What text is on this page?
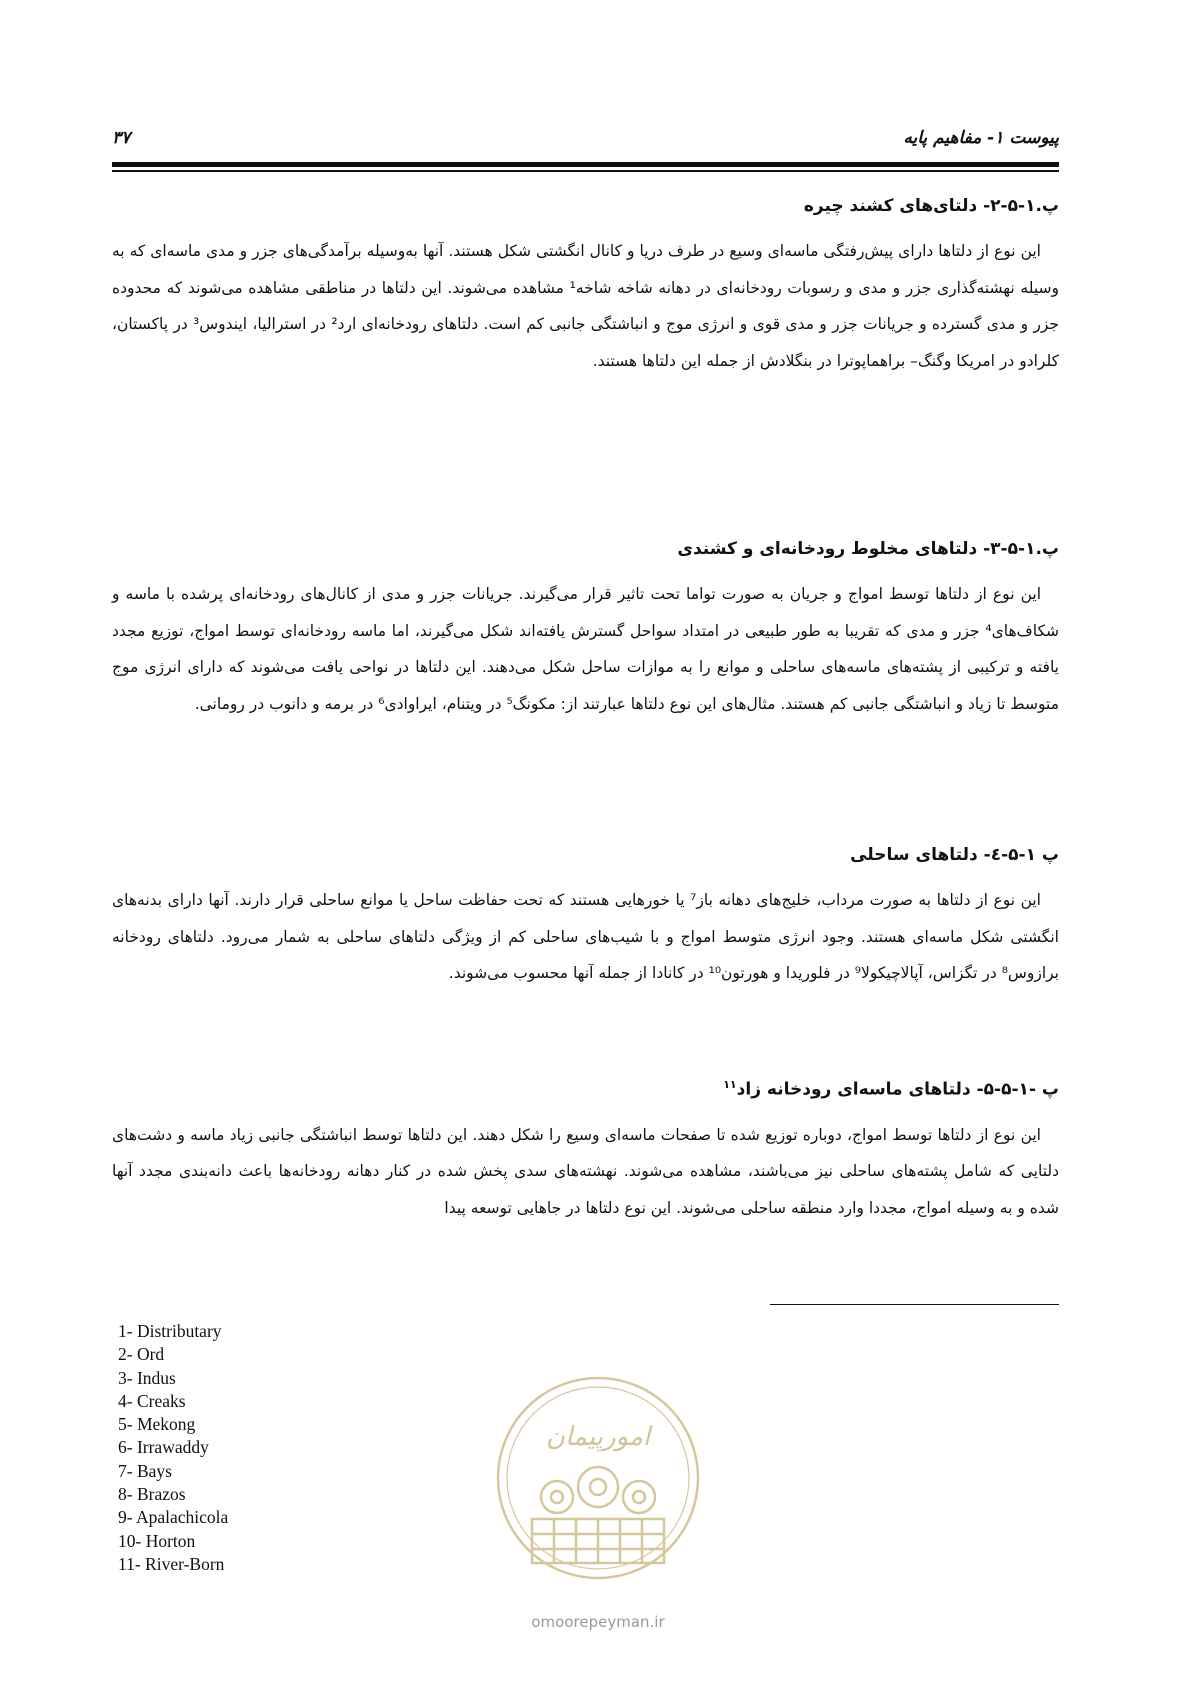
پیوست ۱- مفاهیم پایه
۳۷
پ.۱-۵-۲- دلتای‌های کشند چیره

این نوع از دلتاها دارای پیش‌رفتگی ماسه‌ای وسیع در طرف دریا و کانال انگشتی شکل هستند. آنها به‌وسیله برآمدگی‌های جزر و مدی ماسه‌ای که به وسیله نهشته‌گذاری جزر و مدی و رسوبات رودخانه‌ای در دهانه شاخه شاخه¹ مشاهده می‌شوند. این دلتاها در مناطقی مشاهده می‌شوند که محدوده جزر و مدی گسترده و جریانات جزر و مدی قوی و انرژی موج و انباشتگی جانبی کم است. دلتاهای رودخانه‌ای ارد² در استرالیا، ایندوس³ در پاکستان، کلرادو در امریکا وگنگ– براهماپوترا در بنگلادش از جمله این دلتاها هستند.

پ.۱-۵-۳- دلتاهای مخلوط رودخانه‌ای و کشندی

این نوع از دلتاها توسط امواج و جریان به صورت تواما تحت تاثیر قرار می‌گیرند. جریانات جزر و مدی از کانال‌های رودخانه‌ای پرشده با ماسه و شکاف‌های⁴ جزر و مدی که تقریبا به طور طبیعی در امتداد سواحل گسترش یافته‌اند شکل می‌گیرند، اما ماسه رودخانه‌ای توسط امواج، توزیع مجدد یافته و ترکیبی از پشته‌های ماسه‌های ساحلی و موانع را به موازات ساحل شکل می‌دهند. این دلتاها در نواحی یافت می‌شوند که دارای انرژی موج متوسط تا زیاد و انباشتگی جانبی کم هستند. مثال‌های این نوع دلتاها عبارتند از: مکونگ⁵ در ویتنام، ایراوادی⁶ در برمه و دانوب در رومانی.

پ ۱-۵-٤- دلتاهای ساحلی

این نوع از دلتاها به صورت مرداب، خلیج‌های دهانه باز⁷ یا خورهایی هستند که تحت حفاظت ساحل یا موانع ساحلی قرار دارند. آنها دارای بدنه‌های انگشتی شکل ماسه‌ای هستند. وجود انرژی متوسط امواج و با شیب‌های ساحلی کم از ویژگی دلتاهای ساحلی به شمار می‌رود. دلتاهای رودخانه برازوس⁸ در تگزاس، آپالاچیکولا⁹ در فلوریدا و هورتون¹⁰ در کانادا از جمله آنها محسوب می‌شوند.

پ -۱-۵-۵- دلتاهای ماسه‌ای رودخانه زاد$^{۱۱}$

این نوع از دلتاها توسط امواج، دوباره توزیع شده تا صفحات ماسه‌ای وسیع را شکل دهند. این دلتاها توسط انباشتگی جانبی زیاد ماسه و دشت‌های دلتایی که شامل پشته‌های ساحلی نیز می‌باشند، مشاهده می‌شوند. نهشته‌های سدی پخش شده در کنار دهانه رودخانه‌ها باعث دانه‌بندی مجدد آنها شده و به وسیله امواج، مجددا وارد منطقه ساحلی می‌شوند. این نوع دلتاها در جاهایی توسعه پیدا

1- Distributary
2- Ord
3- Indus
4- Creaks
5- Mekong
6- Irrawaddy
7- Bays
8- Brazos
9- Apalachicola
10- Horton
11- River-Born
امورپیمان
omoorepeyman.ir
